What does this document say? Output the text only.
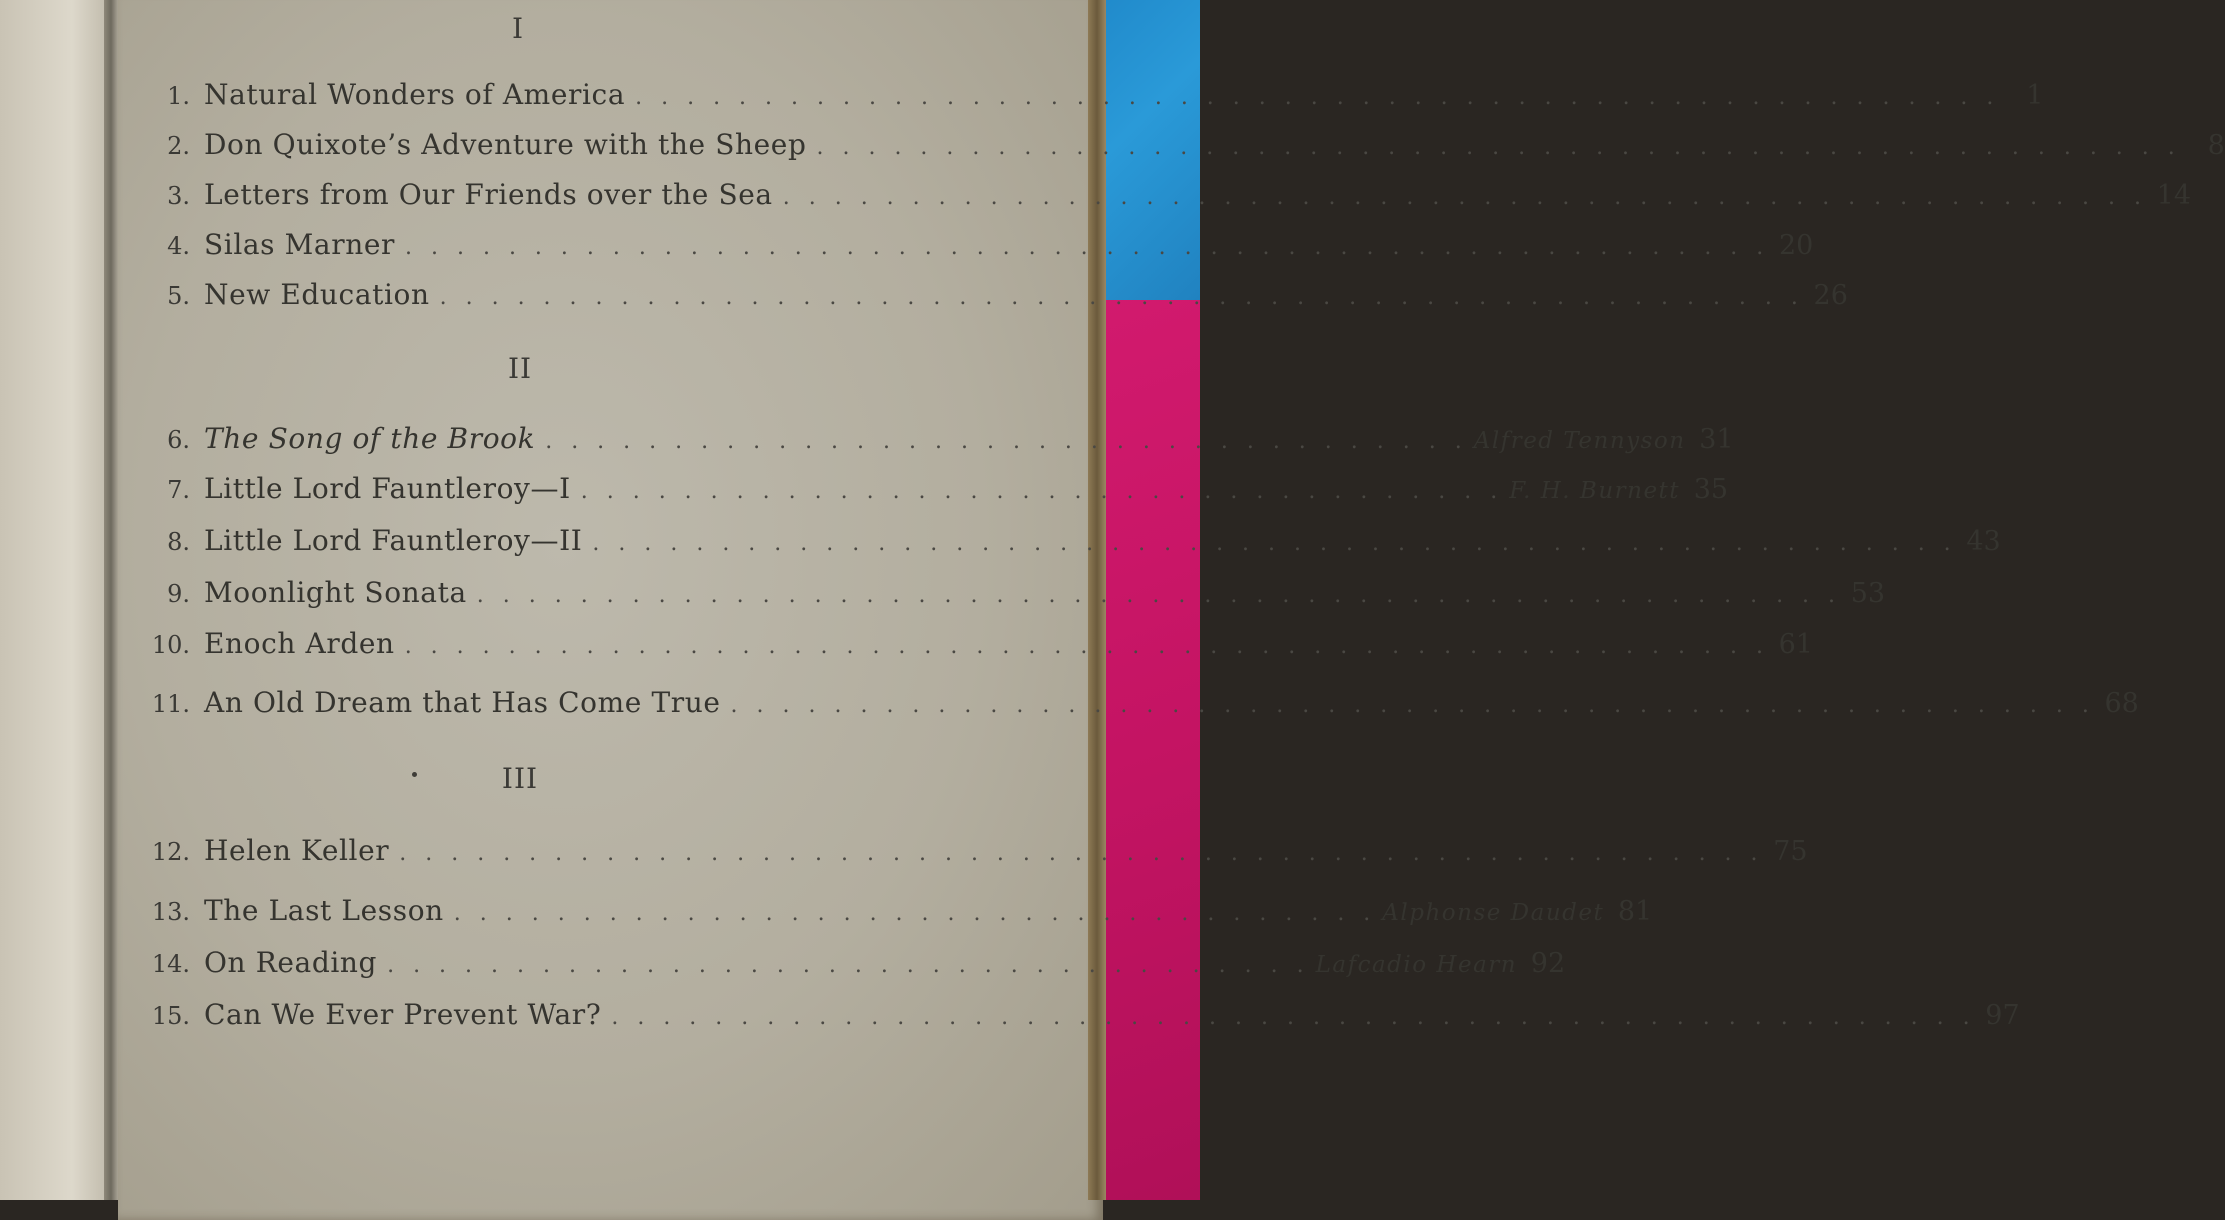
I
II
III
1. Natural Wonders of America . . . . . . . . . . . . . . . . . . . . . . . . . . . . . . . . . . . . . . . . . . . . . . . . . . . . . 1
2. Don Quixote’s Adventure with the Sheep . . . . . . . . . . . . . . . . . . . . . . . . . . . . . . . . . . . . . . . . . . . . . . . . . . . . . 8
3. Letters from Our Friends over the Sea . . . . . . . . . . . . . . . . . . . . . . . . . . . . . . . . . . . . . . . . . . . . . . . . . . . . . 14
4. Silas Marner . . . . . . . . . . . . . . . . . . . . . . . . . . . . . . . . . . . . . . . . . . . . . . . . . . . . . 20
5. New Education . . . . . . . . . . . . . . . . . . . . . . . . . . . . . . . . . . . . . . . . . . . . . . . . . . . . . 26
6. The Song of the Brook . . . . . . . . . . . . . . . . . . . . . . . . . . . . . . . . . . . . Alfred Tennyson 31
7. Little Lord Fauntleroy—I . . . . . . . . . . . . . . . . . . . . . . . . . . . . . . . . . . . . F. H. Burnett 35
8. Little Lord Fauntleroy—II . . . . . . . . . . . . . . . . . . . . . . . . . . . . . . . . . . . . . . . . . . . . . . . . . . . . . 43
9. Moonlight Sonata . . . . . . . . . . . . . . . . . . . . . . . . . . . . . . . . . . . . . . . . . . . . . . . . . . . . . 53
10. Enoch Arden . . . . . . . . . . . . . . . . . . . . . . . . . . . . . . . . . . . . . . . . . . . . . . . . . . . . . 61
11. An Old Dream that Has Come True . . . . . . . . . . . . . . . . . . . . . . . . . . . . . . . . . . . . . . . . . . . . . . . . . . . . . 68
12. Helen Keller . . . . . . . . . . . . . . . . . . . . . . . . . . . . . . . . . . . . . . . . . . . . . . . . . . . . . 75
13. The Last Lesson . . . . . . . . . . . . . . . . . . . . . . . . . . . . . . . . . . . . Alphonse Daudet 81
14. On Reading . . . . . . . . . . . . . . . . . . . . . . . . . . . . . . . . . . . . Lafcadio Hearn 92
15. Can We Ever Prevent War? . . . . . . . . . . . . . . . . . . . . . . . . . . . . . . . . . . . . . . . . . . . . . . . . . . . . . 97
